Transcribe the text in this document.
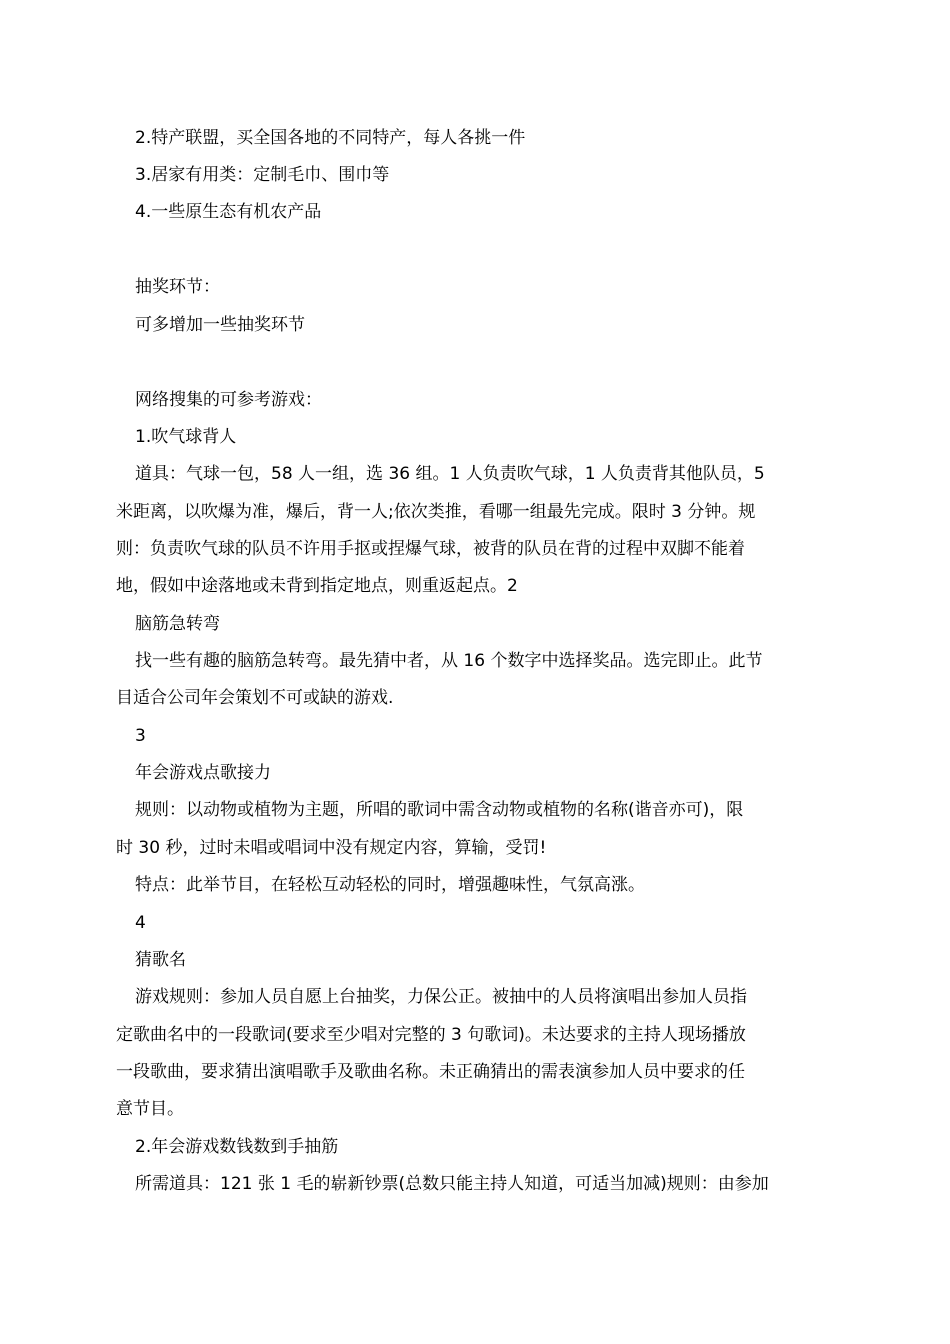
2.特产联盟，买全国各地的不同特产，每人各挑一件

3.居家有用类：定制毛巾、围巾等

4.一些原生态有机农产品

抽奖环节：

可多增加一些抽奖环节

网络搜集的可参考游戏：

1.吹气球背人

道具：气球一包，58 人一组，选 36 组。1 人负责吹气球，1 人负责背其他队员，5

米距离，以吹爆为准，爆后，背一人;依次类推，看哪一组最先完成。限时 3 分钟。规

则：负责吹气球的队员不许用手抠或捏爆气球，被背的队员在背的过程中双脚不能着

地，假如中途落地或未背到指定地点，则重返起点。2

脑筋急转弯

找一些有趣的脑筋急转弯。最先猜中者，从 16 个数字中选择奖品。选完即止。此节

目适合公司年会策划不可或缺的游戏.

3

年会游戏点歌接力

规则：以动物或植物为主题，所唱的歌词中需含动物或植物的名称(谐音亦可)，限

时 30 秒，过时未唱或唱词中没有规定内容，算输，受罚!

特点：此举节目，在轻松互动轻松的同时，增强趣味性，气氛高涨。

4

猜歌名

游戏规则：参加人员自愿上台抽奖，力保公正。被抽中的人员将演唱出参加人员指

定歌曲名中的一段歌词(要求至少唱对完整的 3 句歌词)。未达要求的主持人现场播放

一段歌曲，要求猜出演唱歌手及歌曲名称。未正确猜出的需表演参加人员中要求的任

意节目。

2.年会游戏数钱数到手抽筋

所需道具：121 张 1 毛的崭新钞票(总数只能主持人知道，可适当加减)规则：由参加
